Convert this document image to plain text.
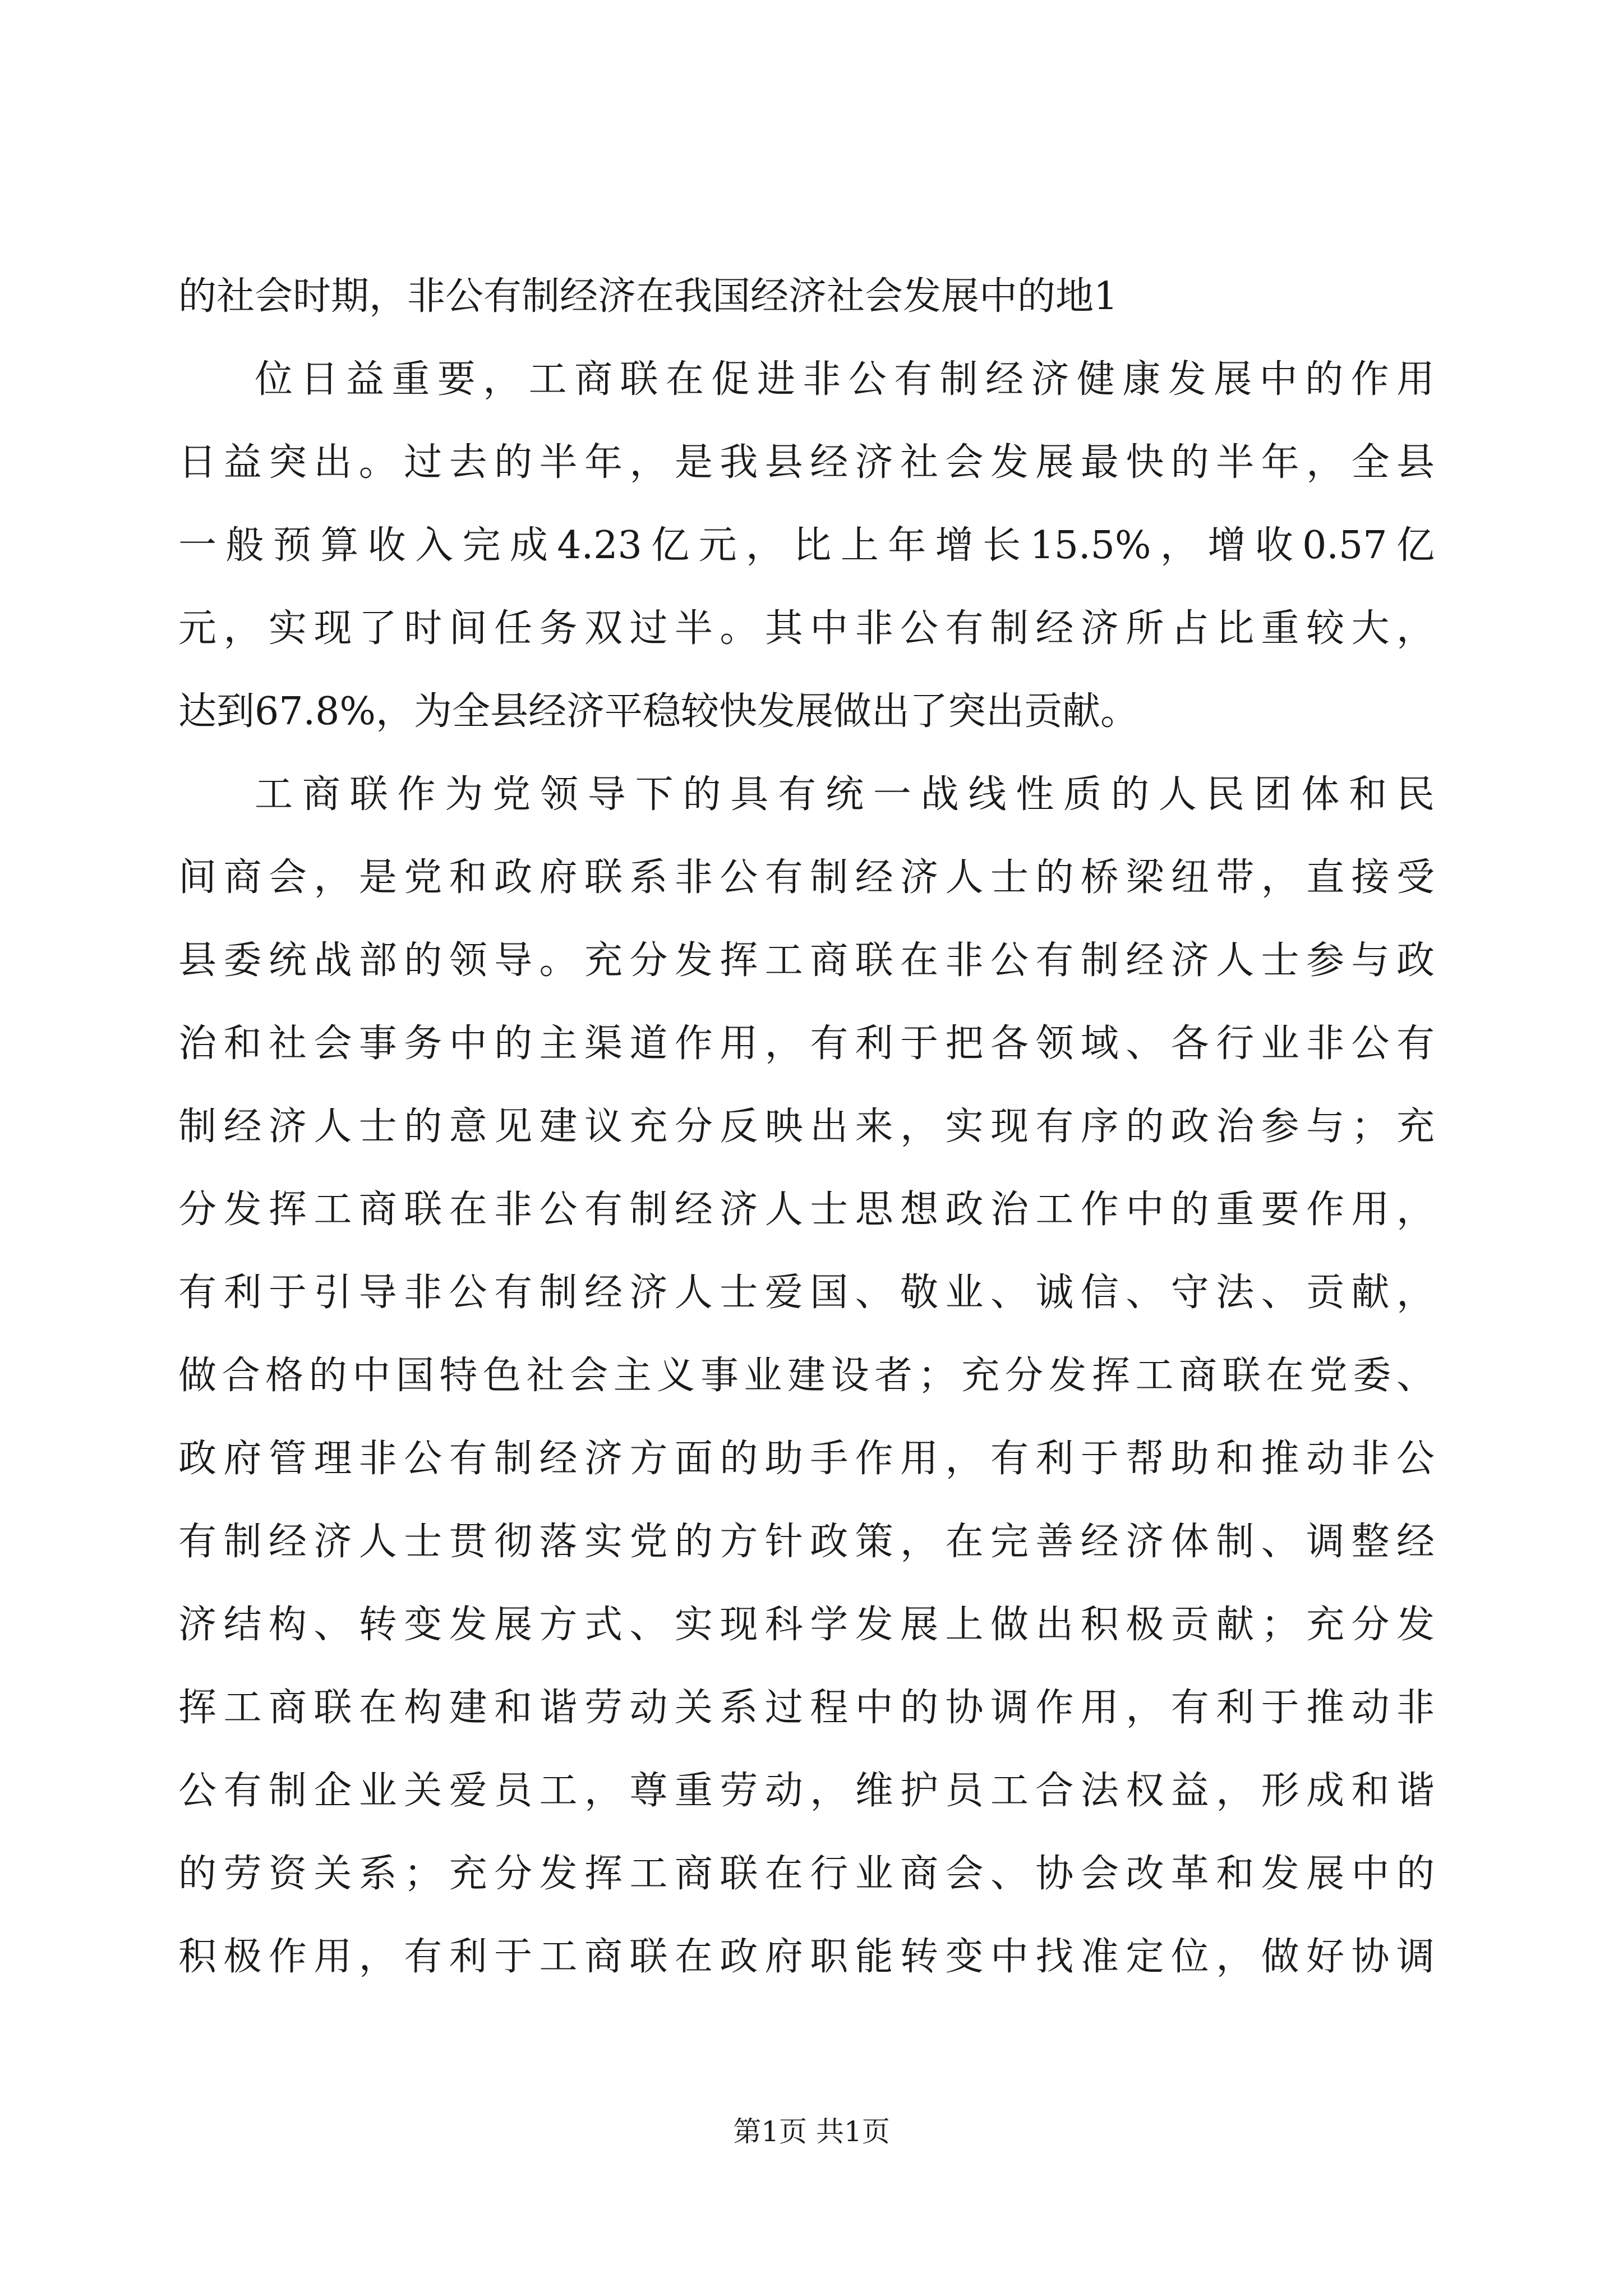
的社会时期，非公有制经济在我国经济社会发展中的地1
位日益重要，工商联在促进非公有制经济健康发展中的作用
日益突出。过去的半年，是我县经济社会发展最快的半年，全县
一般预算收入完成4.23亿元，比上年增长15.5%，增收0.57亿
元，实现了时间任务双过半。其中非公有制经济所占比重较大，
达到67.8%，为全县经济平稳较快发展做出了突出贡献。
工商联作为党领导下的具有统一战线性质的人民团体和民
间商会，是党和政府联系非公有制经济人士的桥梁纽带，直接受
县委统战部的领导。充分发挥工商联在非公有制经济人士参与政
治和社会事务中的主渠道作用，有利于把各领域、各行业非公有
制经济人士的意见建议充分反映出来，实现有序的政治参与；充
分发挥工商联在非公有制经济人士思想政治工作中的重要作用，
有利于引导非公有制经济人士爱国、敬业、诚信、守法、贡献，
做合格的中国特色社会主义事业建设者；充分发挥工商联在党委、
政府管理非公有制经济方面的助手作用，有利于帮助和推动非公
有制经济人士贯彻落实党的方针政策，在完善经济体制、调整经
济结构、转变发展方式、实现科学发展上做出积极贡献；充分发
挥工商联在构建和谐劳动关系过程中的协调作用，有利于推动非
公有制企业关爱员工，尊重劳动，维护员工合法权益，形成和谐
的劳资关系；充分发挥工商联在行业商会、协会改革和发展中的
积极作用，有利于工商联在政府职能转变中找准定位，做好协调
第1页 共1页
